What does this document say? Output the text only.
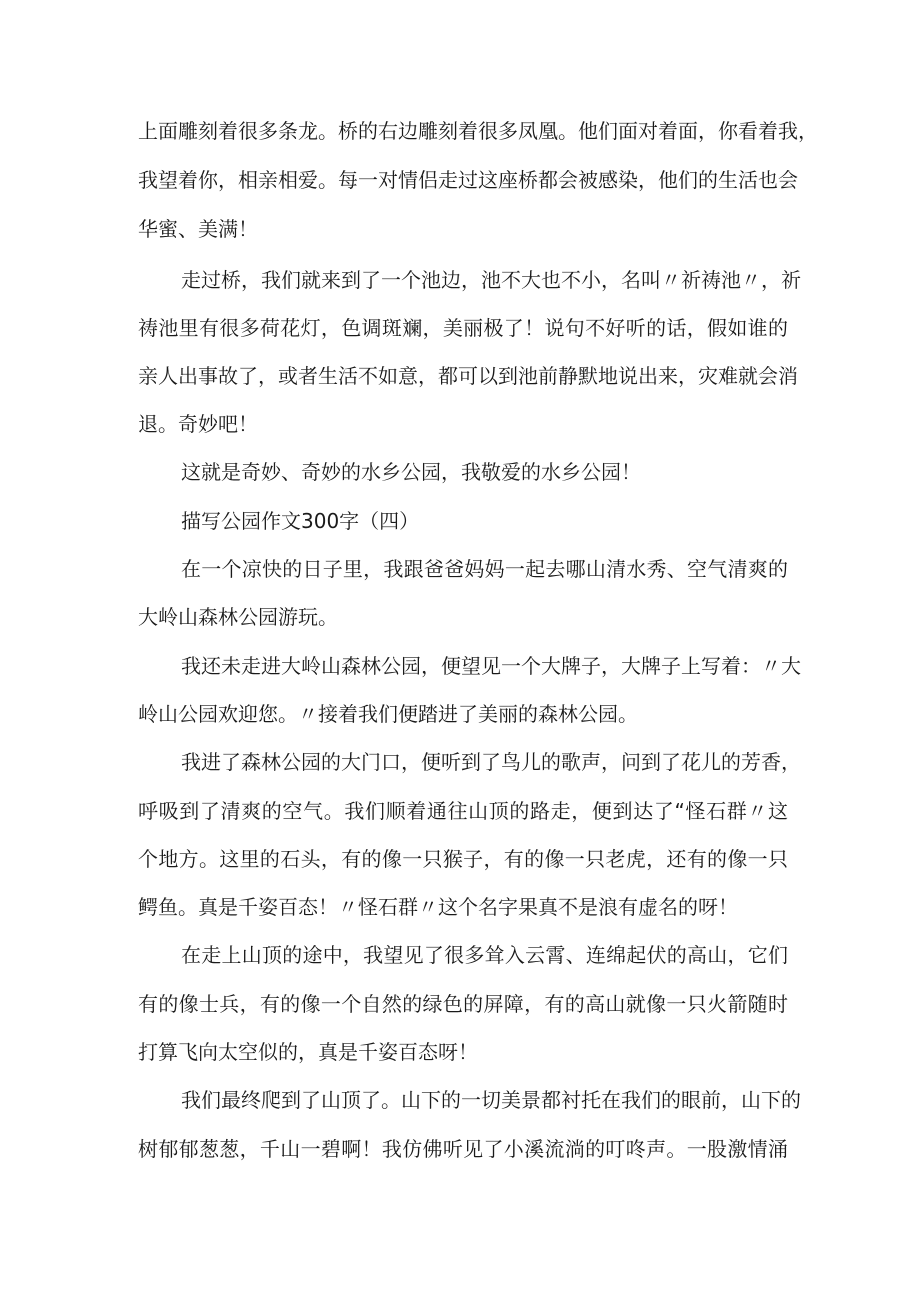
上面雕刻着很多条龙。桥的右边雕刻着很多凤凰。他们面对着面，你看着我，
我望着你，相亲相爱。每一对情侣走过这座桥都会被感染，他们的生活也会
华蜜、美满！
走过桥，我们就来到了一个池边，池不大也不小，名叫〃祈祷池〃，祈
祷池里有很多荷花灯，色调斑斓，美丽极了！说句不好听的话，假如谁的
亲人出事故了，或者生活不如意，都可以到池前静默地说出来，灾难就会消
退。奇妙吧！
这就是奇妙、奇妙的水乡公园，我敬爱的水乡公园！
描写公园作文300字（四）
在一个凉快的日子里，我跟爸爸妈妈一起去哪山清水秀、空气清爽的
大岭山森林公园游玩。
我还未走进大岭山森林公园，便望见一个大牌子，大牌子上写着：〃大
岭山公园欢迎您。〃接着我们便踏进了美丽的森林公园。
我进了森林公园的大门口，便听到了鸟儿的歌声，问到了花儿的芳香，
呼吸到了清爽的空气。我们顺着通往山顶的路走，便到达了“怪石群〃这
个地方。这里的石头，有的像一只猴子，有的像一只老虎，还有的像一只
鳄鱼。真是千姿百态！〃怪石群〃这个名字果真不是浪有虚名的呀！
在走上山顶的途中，我望见了很多耸入云霄、连绵起伏的高山，它们
有的像士兵，有的像一个自然的绿色的屏障，有的高山就像一只火箭随时
打算飞向太空似的，真是千姿百态呀！
我们最终爬到了山顶了。山下的一切美景都衬托在我们的眼前，山下的
树郁郁葱葱，千山一碧啊！我仿佛听见了小溪流淌的叮咚声。一股激情涌
